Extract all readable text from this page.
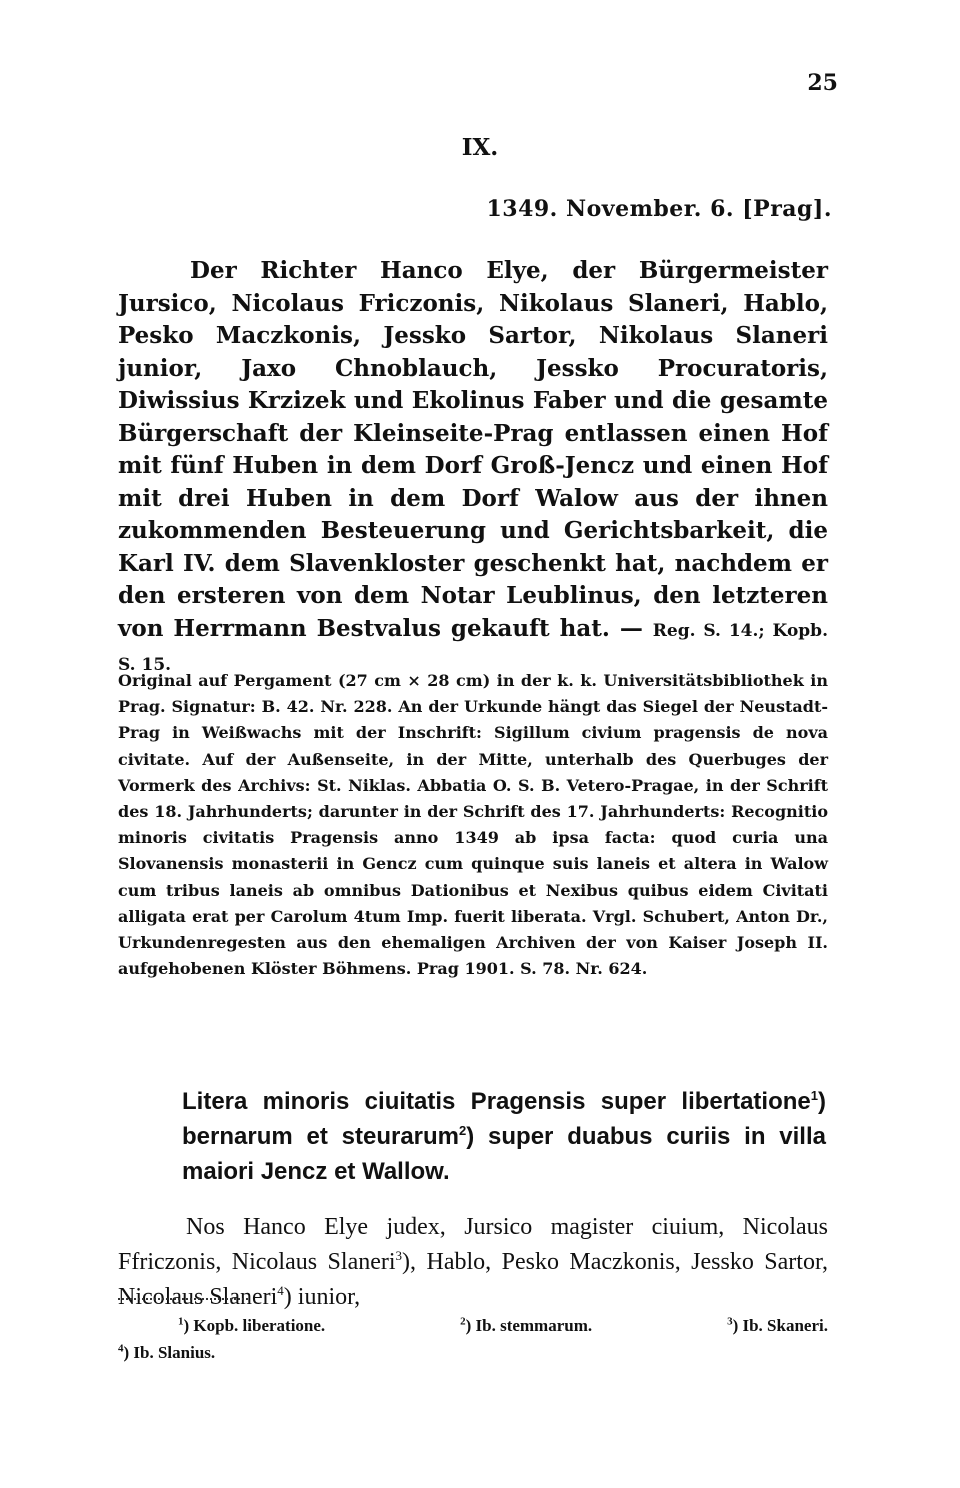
25
IX.
1349. November. 6. [Prag].

Der Richter Hanco Elye, der Bürgermeister Jursico, Nicolaus Friczonis, Nikolaus Slaneri, Hablo, Pesko Maczkonis, Jessko Sartor, Nikolaus Slaneri junior, Jaxo Chnoblauch, Jessko Procuratoris, Diwissius Krzizek und Ekolinus Faber und die gesamte Bürgerschaft der Kleinseite-Prag entlassen einen Hof mit fünf Huben in dem Dorf Groß-Jencz und einen Hof mit drei Huben in dem Dorf Walow aus der ihnen zukommenden Besteuerung und Gerichtsbarkeit, die Karl IV. dem Slavenkloster geschenkt hat, nachdem er den ersteren von dem Notar Leublinus, den letzteren von Herrmann Bestvalus gekauft hat. — Reg. S. 14.; Kopb. S. 15.

Original auf Pergament (27 cm × 28 cm) in der k. k. Universitätsbibliothek in Prag. Signatur: B. 42. Nr. 228. An der Urkunde hängt das Siegel der Neustadt-Prag in Weißwachs mit der Inschrift: Sigillum civium pragensis de nova civitate. Auf der Außenseite, in der Mitte, unterhalb des Querbuges der Vormerk des Archivs: St. Niklas. Abbatia O. S. B. Vetero-Pragae, in der Schrift des 18. Jahrhunderts; darunter in der Schrift des 17. Jahrhunderts: Recognitio minoris civitatis Pragensis anno 1349 ab ipsa facta: quod curia una Slovanensis monasterii in Gencz cum quinque suis laneis et altera in Walow cum tribus laneis ab omnibus Dationibus et Nexibus quibus eidem Civitati alligata erat per Carolum 4tum Imp. fuerit liberata. Vrgl. Schubert, Anton Dr., Urkundenregesten aus den ehemaligen Archiven der von Kaiser Joseph II. aufgehobenen Klöster Böhmens. Prag 1901. S. 78. Nr. 624.

Litera minoris ciuitatis Pragensis super libertatione$^1$) bernarum et steurarum$^2$) super duabus curiis in villa maiori Jencz et Wallow.

Nos Hanco Elye judex, Jursico magister ciuium, Nicolaus Ffriczonis, Nicolaus Slaneri$^3$), Hablo, Pesko Maczkonis, Jessko Sartor, Nicolaus Slaneri$^4$) iunior,

$^1$) Kopb. liberatione.	$^2$) Ib. stemmarum.	$^3$) Ib. Skaneri.
$^4$) Ib. Slanius.
